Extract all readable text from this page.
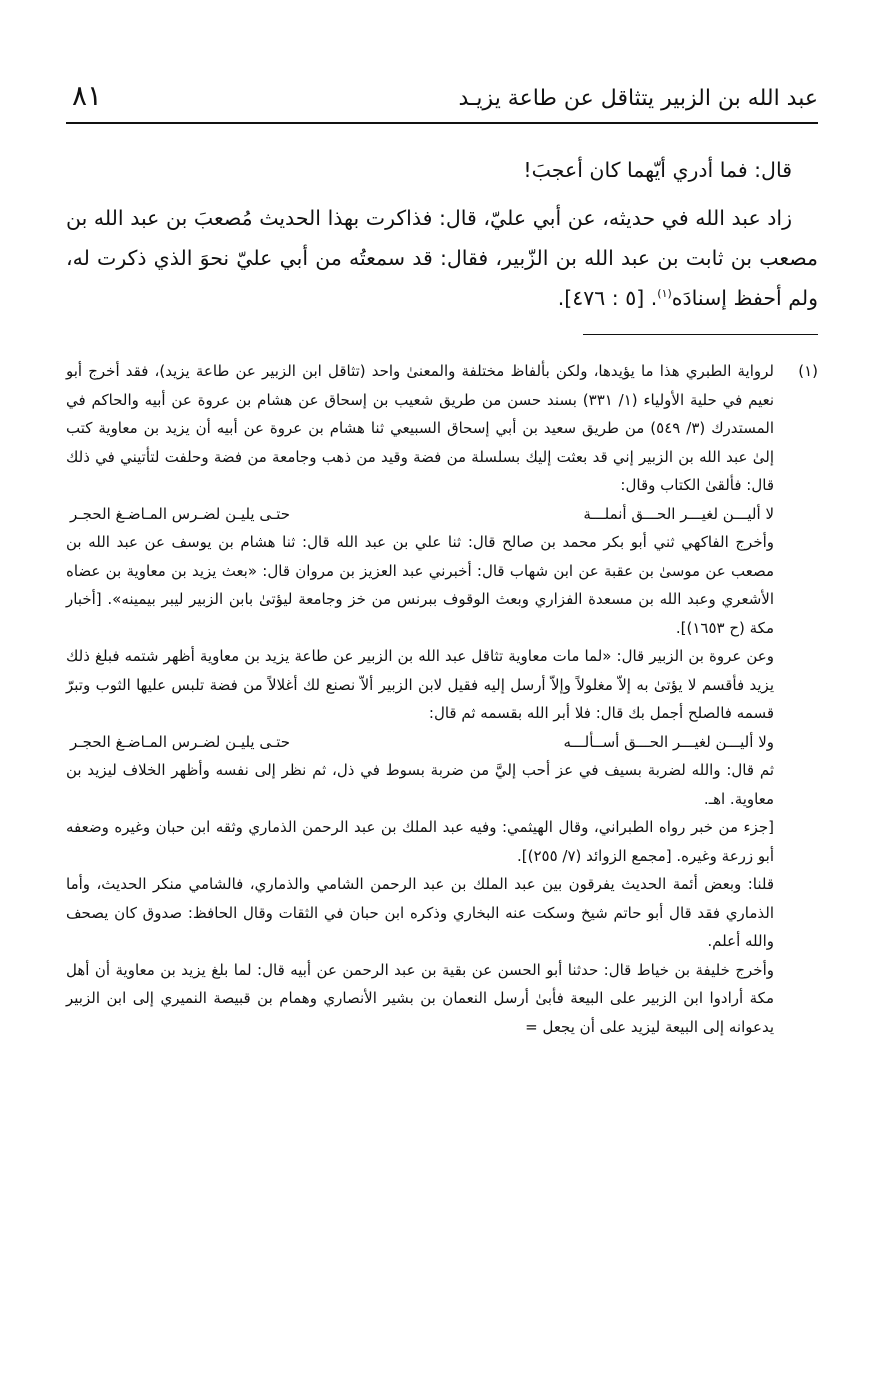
عبد الله بن الزبير يتثاقل عن طاعة يزيـد
٨١

قال: فما أدري أيّهما كان أعجبَ!

زاد عبد الله في حديثه، عن أبي عليّ، قال: فذاكرت بهذا الحديث مُصعبَ بن عبد الله بن مصعب بن ثابت بن عبد الله بن الزّبير، فقال: قد سمعتُه من أبي عليّ نحوَ الذي ذكرت له، ولم أحفظ إسنادَه$^{(١)}$. [٥ : ٤٧٦].

(١)

لرواية الطبري هذا ما يؤيدها، ولكن بألفاظ مختلفة والمعنىٰ واحد (تثاقل ابن الزبير عن طاعة يزيد)، فقد أخرج أبو نعيم في حلية الأولياء (١/ ٣٣١) بسند حسن من طريق شعيب بن إسحاق عن هشام بن عروة عن أبيه والحاكم في المستدرك (٣/ ٥٤٩) من طريق سعيد بن أبي إسحاق السبيعي ثنا هشام بن عروة عن أبيه أن يزيد بن معاوية كتب إلىٰ عبد الله بن الزبير إني قد بعثت إليك بسلسلة من فضة وقيد من ذهب وجامعة من فضة وحلفت لتأتيني في ذلك قال: فألقىٰ الكتاب وقال:

لا أليـــن لغيـــر الحـــق أنملـــة
حتـى يليـن لضـرس المـاضـغ الحجـر

وأخرج الفاكهي ثني أبو بكر محمد بن صالح قال: ثنا علي بن عبد الله قال: ثنا هشام بن يوسف عن عبد الله بن مصعب عن موسىٰ بن عقبة عن ابن شهاب قال: أخبرني عبد العزيز بن مروان قال: «بعث يزيد بن معاوية بن عضاه الأشعري وعبد الله بن مسعدة الفزاري وبعث الوقوف ببرنس من خز وجامعة ليؤتىٰ بابن الزبير ليبر بيمينه». [أخبار مكة (ح ١٦٥٣)].

وعن عروة بن الزبير قال: «لما مات معاوية تثاقل عبد الله بن الزبير عن طاعة يزيد بن معاوية أظهر شتمه فبلغ ذلك يزيد فأقسم لا يؤتىٰ به إلاّ مغلولاً وإلاّ أرسل إليه فقيل لابن الزبير ألاّ نصنع لك أغلالاً من فضة تلبس عليها الثوب وتبرّ قسمه فالصلح أجمل بك قال: فلا أبر الله بقسمه ثم قال:

ولا أليـــن لغيـــر الحـــق أســألـــه
حتـى يليـن لضـرس المـاضـغ الحجـر

ثم قال: والله لضربة بسيف في عز أحب إليَّ من ضربة بسوط في ذل، ثم نظر إلى نفسه وأظهر الخلاف ليزيد بن معاوية. اهـ.

[جزء من خبر رواه الطبراني، وقال الهيثمي: وفيه عبد الملك بن عبد الرحمن الذماري وثقه ابن حبان وغيره وضعفه أبو زرعة وغيره. [مجمع الزوائد (٧/ ٢٥٥)].

قلنا: وبعض أئمة الحديث يفرقون بين عبد الملك بن عبد الرحمن الشامي والذماري، فالشامي منكر الحديث، وأما الذماري فقد قال أبو حاتم شيخ وسكت عنه البخاري وذكره ابن حبان في الثقات وقال الحافظ: صدوق كان يصحف والله أعلم.

وأخرج خليفة بن خياط قال: حدثنا أبو الحسن عن بقية بن عبد الرحمن عن أبيه قال: لما بلغ يزيد بن معاوية أن أهل مكة أرادوا ابن الزبير على البيعة فأبىٰ أرسل النعمان بن بشير الأنصاري وهمام بن قبيصة النميري إلى ابن الزبير يدعوانه إلى البيعة ليزيد على أن يجعل =
